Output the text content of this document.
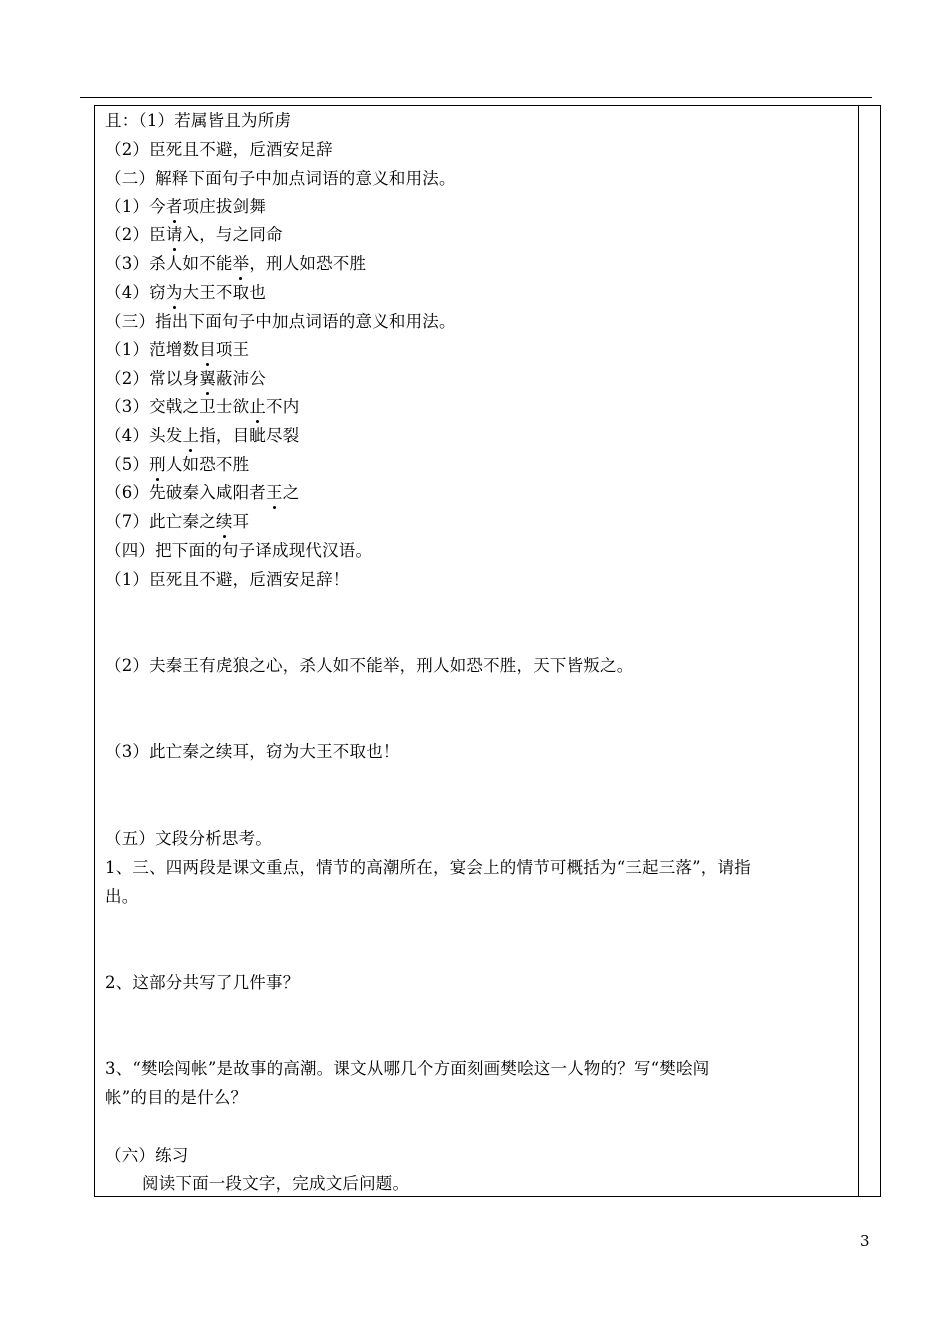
且：（1）若属皆且为所虏
（2）臣死且不避，卮酒安足辞
（二）解释下面句子中加点词语的意义和用法。
（1）今者项庄拔剑舞
（2）臣请入，与之同命
（3）杀人如不能举，刑人如恐不胜
（4）窃为大王不取也
（三）指出下面句子中加点词语的意义和用法。
（1）范增数目项王
（2）常以身翼蔽沛公
（3）交戟之卫士欲止不内
（4）头发上指，目眦尽裂
（5）刑人如恐不胜
（6）先破秦入咸阳者王之
（7）此亡秦之续耳
（四）把下面的句子译成现代汉语。
（1）臣死且不避，卮酒安足辞！
（2）夫秦王有虎狼之心，杀人如不能举，刑人如恐不胜，天下皆叛之。
（3）此亡秦之续耳，窃为大王不取也！
（五）文段分析思考。
1、三、四两段是课文重点，情节的高潮所在，宴会上的情节可概括为“三起三落”，请指
出。
2、这部分共写了几件事？
3、“樊哙闯帐”是故事的高潮。课文从哪几个方面刻画樊哙这一人物的？写“樊哙闯
帐”的目的是什么？
（六）练习
阅读下面一段文字，完成文后问题。
3
